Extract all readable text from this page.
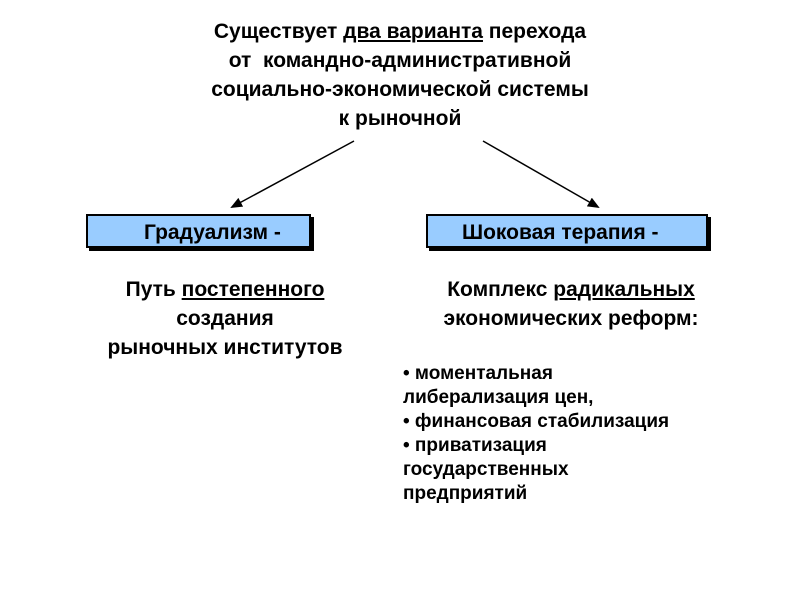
Существует два варианта перехода
от  командно-административной
социально-экономической системы
к рыночной
Градуализм -	Шоковая терапия -
Путь постепенного
создания
рыночных институтов
Комплекс радикальных
экономических реформ:
• моментальная
либерализация цен,
• финансовая стабилизация
• приватизация
государственных
предприятий
